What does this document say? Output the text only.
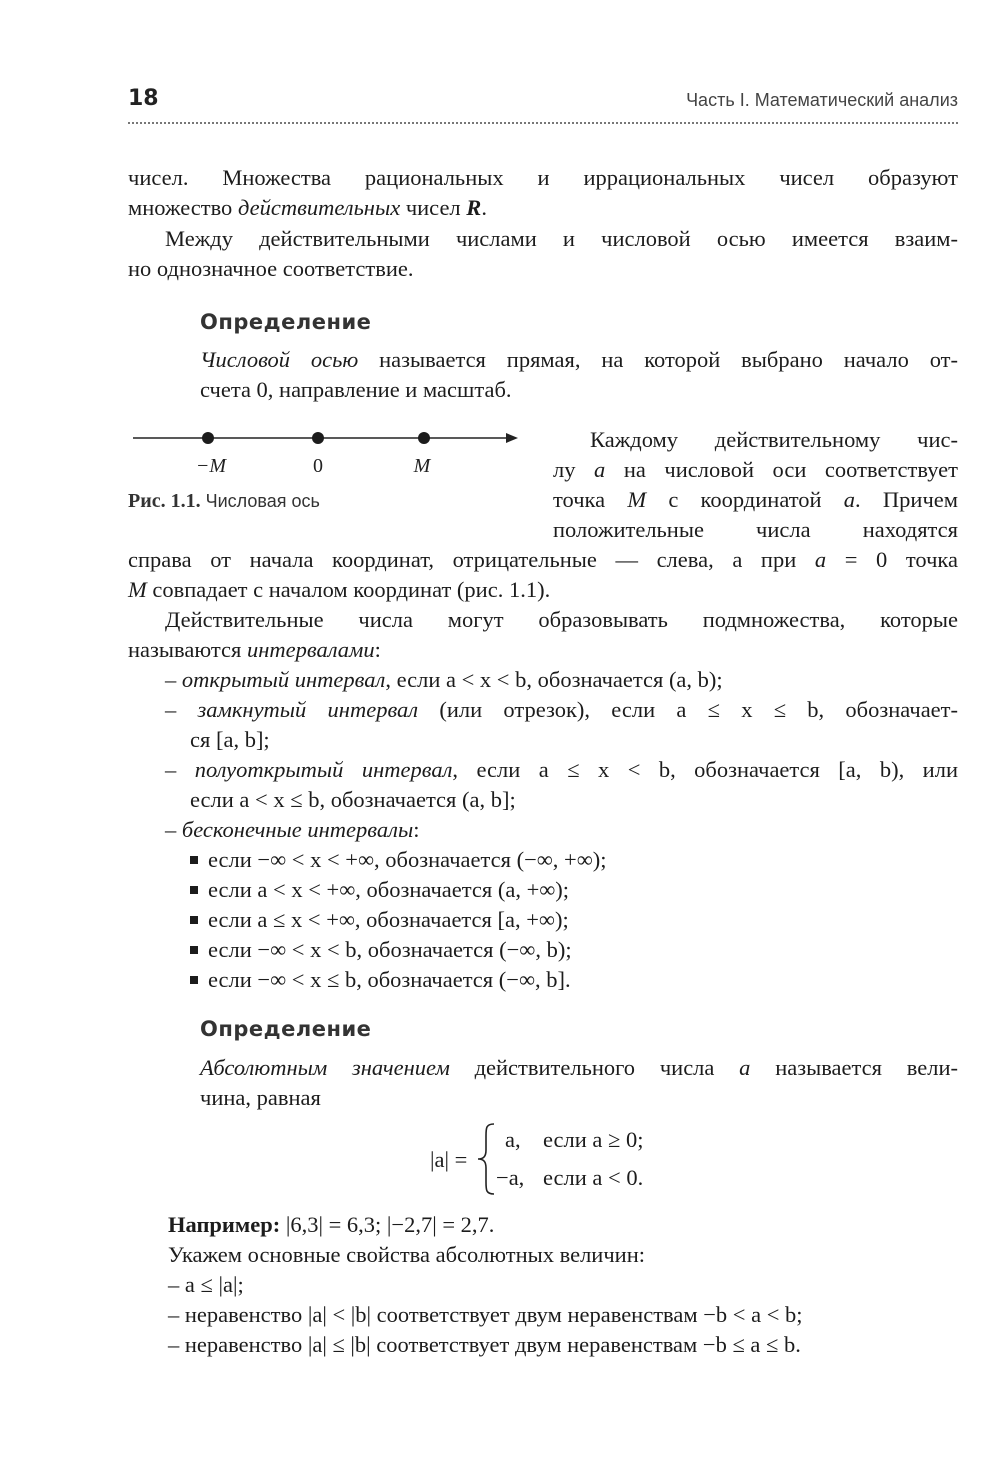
18	Часть I. Математический анализ
чисел. Множества рациональных и иррациональных чисел образуют
множество действительных чисел R.
Между действительными числами и числовой осью имеется взаим-
но однозначное соответствие.
Определение
Числовой осью называется прямая, на которой выбрано начало от-
счета 0, направление и масштаб.
−M	0	M
Рис. 1.1. Числовая ось
Каждому действительному чис-
лу a на числовой оси соответствует
точка M с координатой a. Причем
положительные числа находятся
справа от начала координат, отрицательные — слева, а при a = 0 точка
M совпадает с началом координат (рис. 1.1).
Действительные числа могут образовывать подмножества, которые
называются интервалами:
– открытый интервал, если a < x < b, обозначается (a, b);
– замкнутый интервал (или отрезок), если a ≤ x ≤ b, обозначает-
ся [a, b];
– полуоткрытый интервал, если a ≤ x < b, обозначается [a, b), или
если a < x ≤ b, обозначается (a, b];
– бесконечные интервалы:
если −∞ < x < +∞, обозначается (−∞, +∞);
если a < x < +∞, обозначается (a, +∞);
если a ≤ x < +∞, обозначается [a, +∞);
если −∞ < x < b, обозначается (−∞, b);
если −∞ < x ≤ b, обозначается (−∞, b].
Определение
Абсолютным значением действительного числа a называется вели-
чина, равная
|a| =
a, если a ≥ 0;
−a, если a < 0.
Например: |6,3| = 6,3; |−2,7| = 2,7.
Укажем основные свойства абсолютных величин:
– a ≤ |a|;
– неравенство |a| < |b| соответствует двум неравенствам −b < a < b;
– неравенство |a| ≤ |b| соответствует двум неравенствам −b ≤ a ≤ b.
